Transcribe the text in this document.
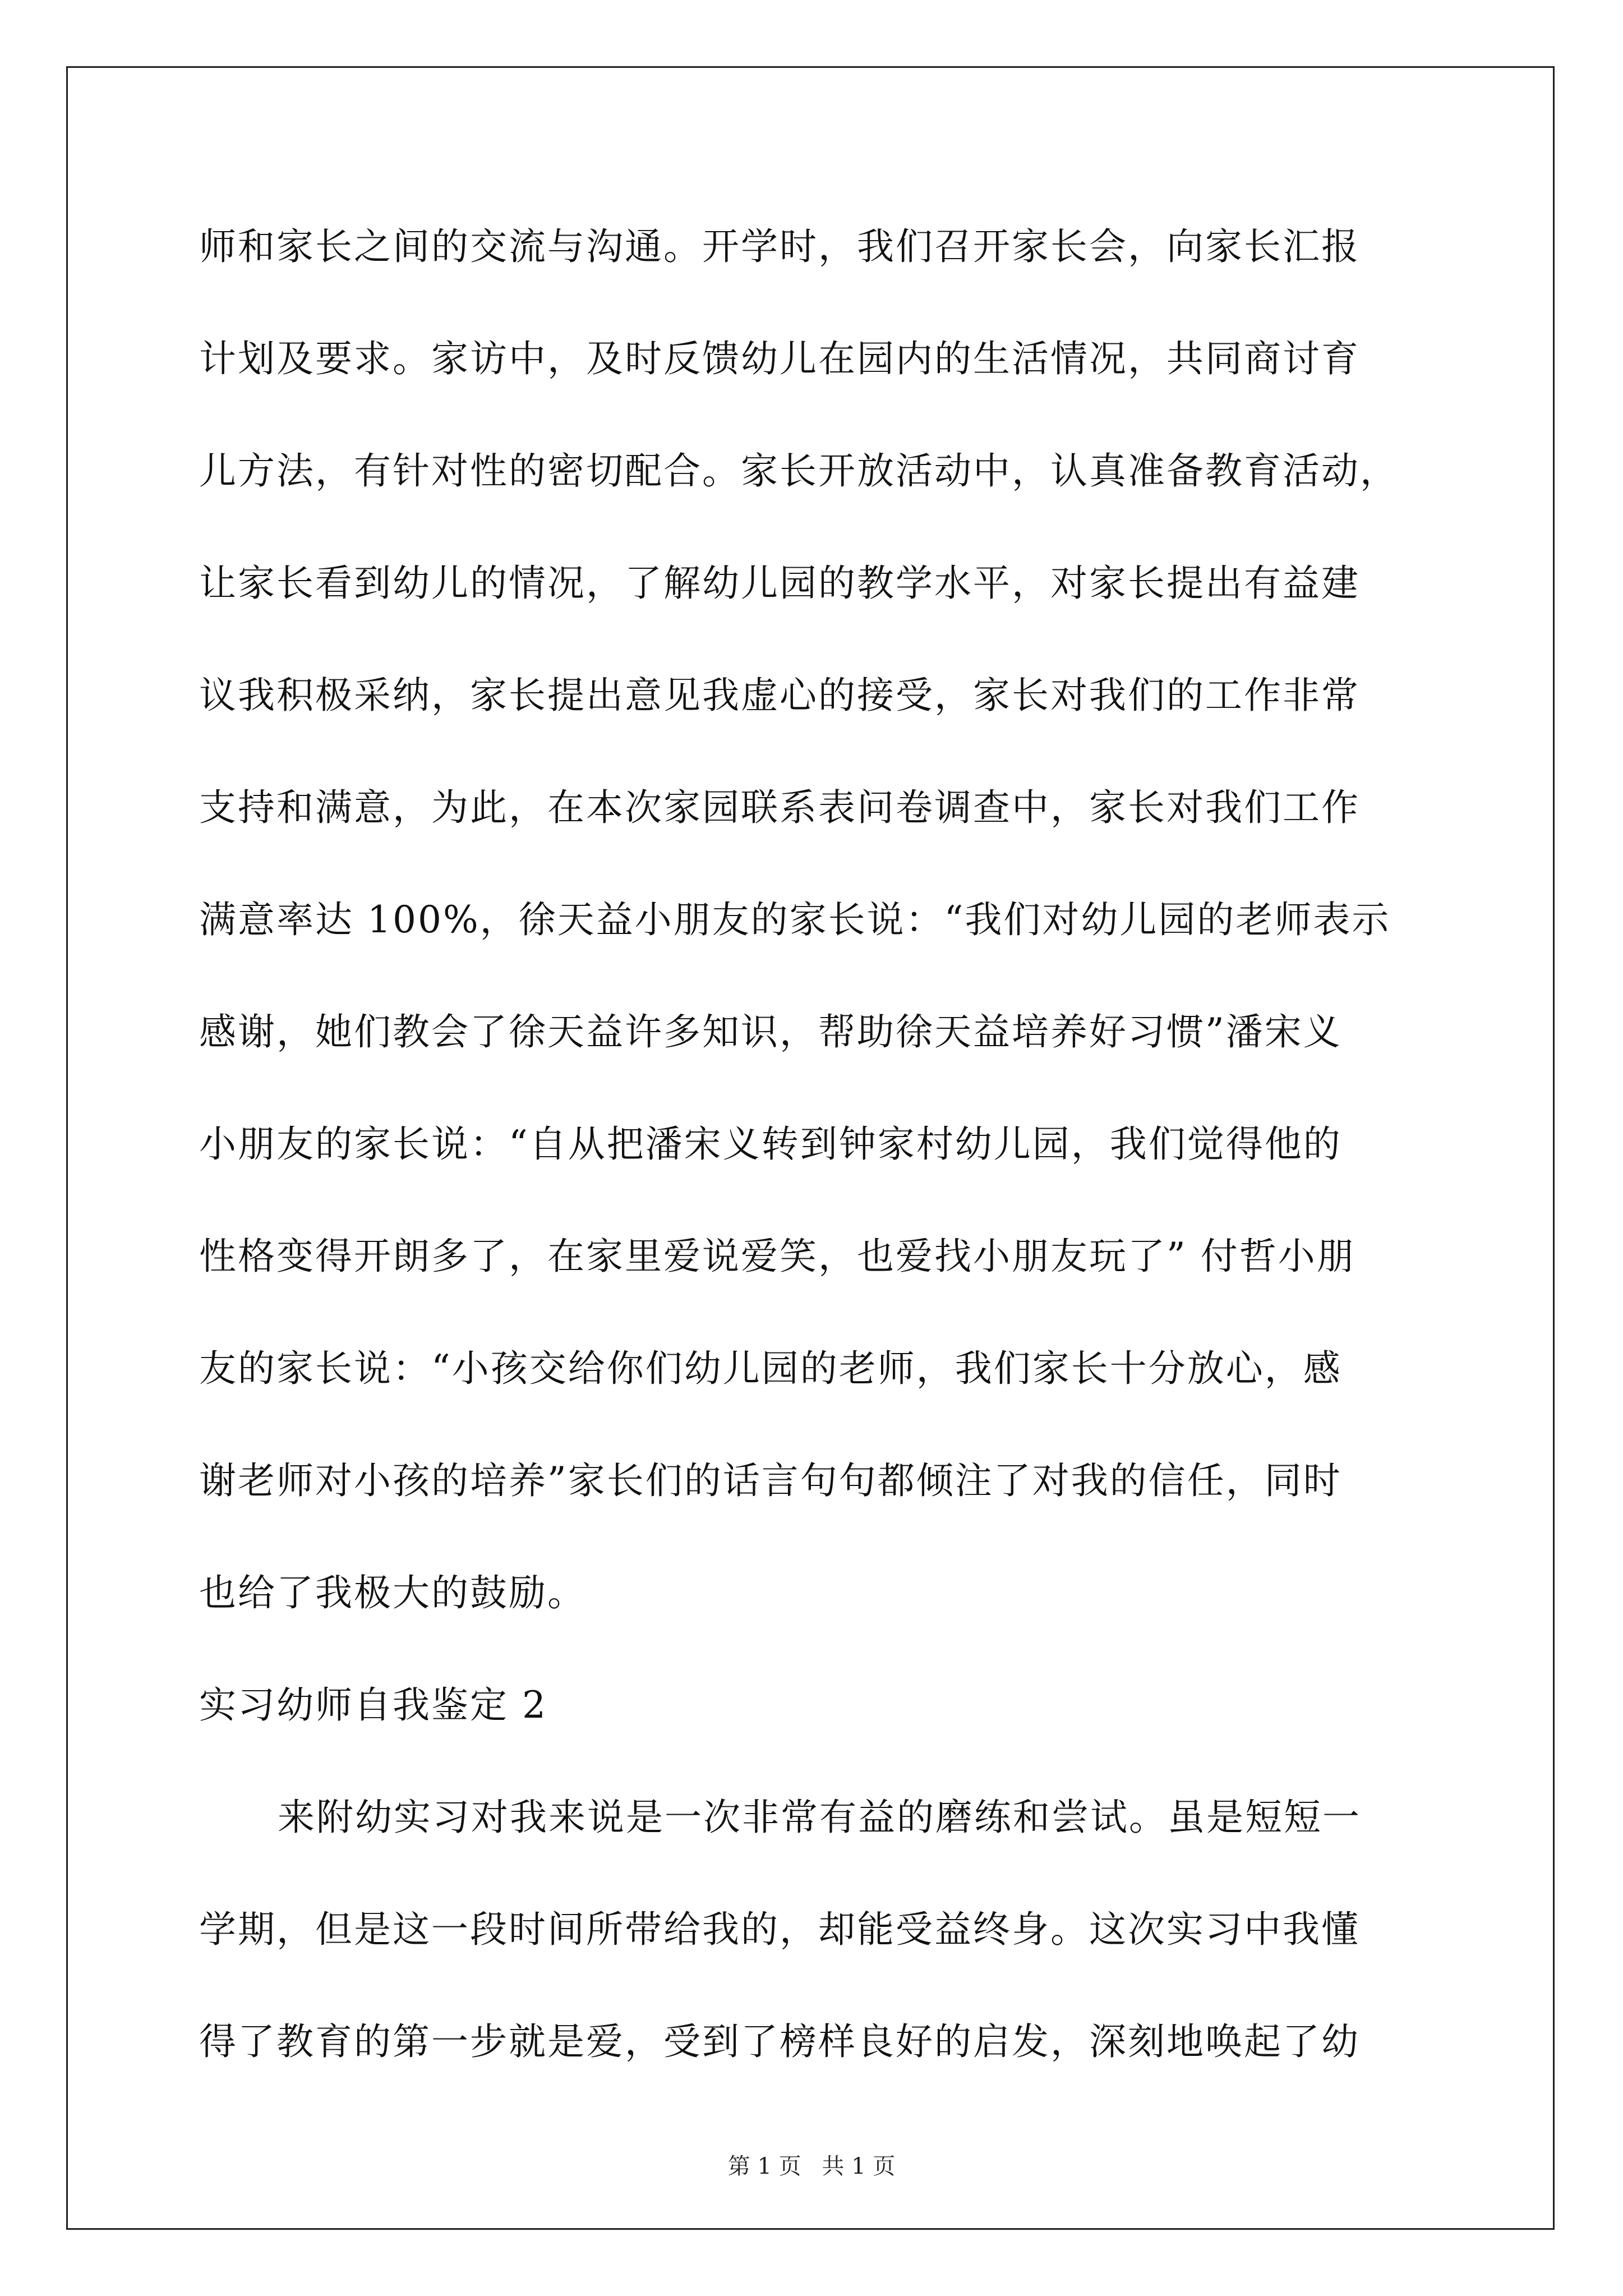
师和家长之间的交流与沟通。开学时，我们召开家长会，向家长汇报
计划及要求。家访中，及时反馈幼儿在园内的生活情况，共同商讨育
儿方法，有针对性的密切配合。家长开放活动中，认真准备教育活动，
让家长看到幼儿的情况，了解幼儿园的教学水平，对家长提出有益建
议我积极采纳，家长提出意见我虚心的接受，家长对我们的工作非常
支持和满意，为此，在本次家园联系表问卷调查中，家长对我们工作
满意率达 100%，徐天益小朋友的家长说：“我们对幼儿园的老师表示
感谢，她们教会了徐天益许多知识，帮助徐天益培养好习惯”潘宋义
小朋友的家长说：“自从把潘宋义转到钟家村幼儿园，我们觉得他的
性格变得开朗多了，在家里爱说爱笑，也爱找小朋友玩了” 付哲小朋
友的家长说：“小孩交给你们幼儿园的老师，我们家长十分放心，感
谢老师对小孩的培养”家长们的话言句句都倾注了对我的信任，同时
也给了我极大的鼓励。
实习幼师自我鉴定 2
来附幼实习对我来说是一次非常有益的磨练和尝试。虽是短短一
学期，但是这一段时间所带给我的，却能受益终身。这次实习中我懂
得了教育的第一步就是爱，受到了榜样良好的启发，深刻地唤起了幼
第 1 页 共 1 页
